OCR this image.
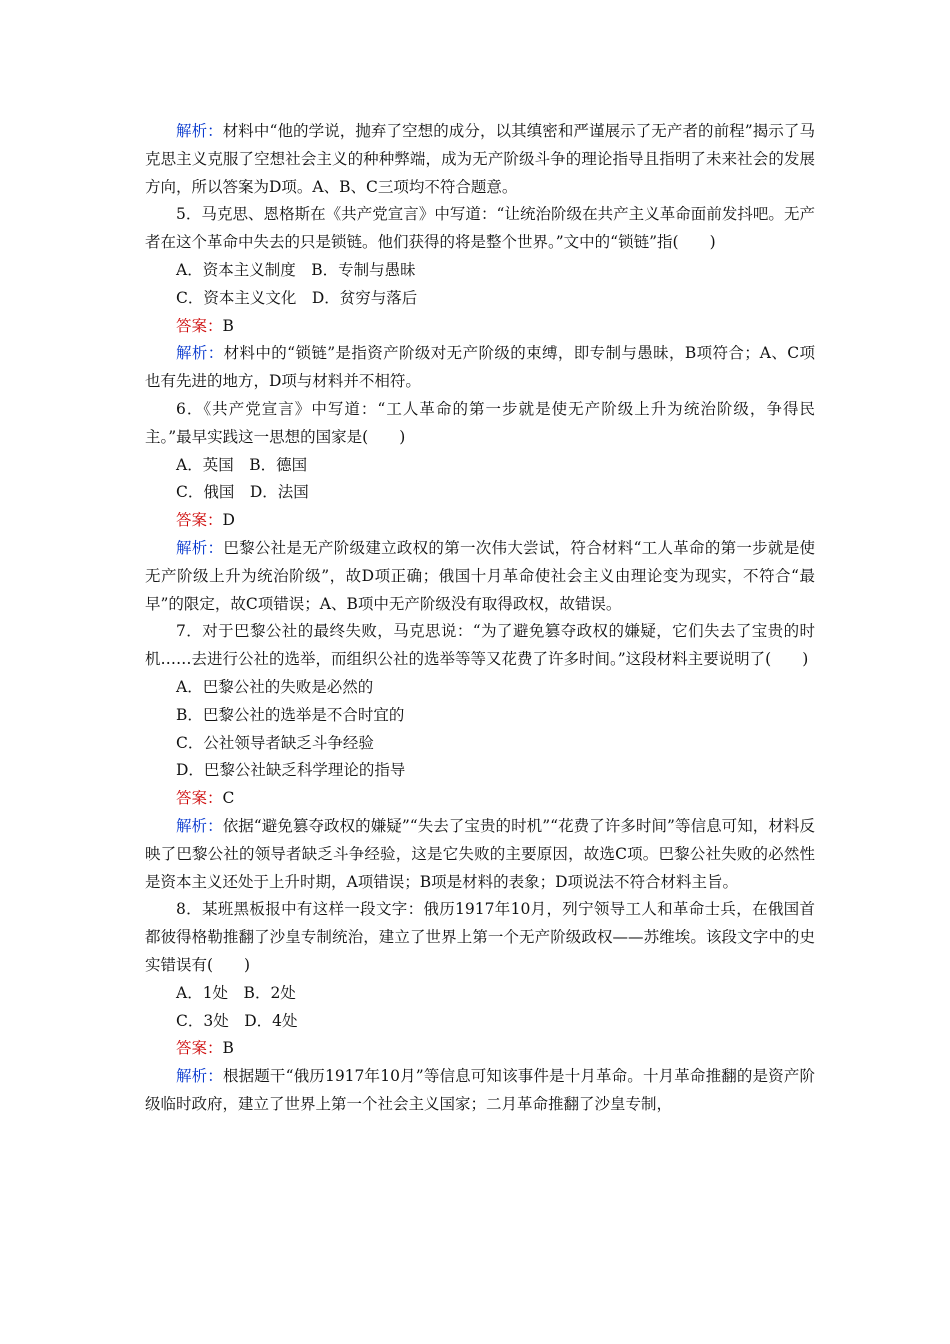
解析：材料中“他的学说，抛弃了空想的成分，以其缜密和严谨展示了无产者的前程”揭示了马克思主义克服了空想社会主义的种种弊端，成为无产阶级斗争的理论指导且指明了未来社会的发展方向，所以答案为D项。A、B、C三项均不符合题意。

5．马克思、恩格斯在《共产党宣言》中写道：“让统治阶级在共产主义革命面前发抖吧。无产者在这个革命中失去的只是锁链。他们获得的将是整个世界。”文中的“锁链”指(　　)

A．资本主义制度　B．专制与愚昧

C．资本主义文化　D．贫穷与落后

答案：B

解析：材料中的“锁链”是指资产阶级对无产阶级的束缚，即专制与愚昧，B项符合；A、C项也有先进的地方，D项与材料并不相符。

6．《共产党宣言》中写道：“工人革命的第一步就是使无产阶级上升为统治阶级，争得民主。”最早实践这一思想的国家是(　　)

A．英国　B．德国

C．俄国　D．法国

答案：D

解析：巴黎公社是无产阶级建立政权的第一次伟大尝试，符合材料“工人革命的第一步就是使无产阶级上升为统治阶级”，故D项正确；俄国十月革命使社会主义由理论变为现实，不符合“最早”的限定，故C项错误；A、B项中无产阶级没有取得政权，故错误。

7．对于巴黎公社的最终失败，马克思说：“为了避免篡夺政权的嫌疑，它们失去了宝贵的时机……去进行公社的选举，而组织公社的选举等等又花费了许多时间。”这段材料主要说明了(　　)

A．巴黎公社的失败是必然的

B．巴黎公社的选举是不合时宜的

C．公社领导者缺乏斗争经验

D．巴黎公社缺乏科学理论的指导

答案：C

解析：依据“避免篡夺政权的嫌疑”“失去了宝贵的时机”“花费了许多时间”等信息可知，材料反映了巴黎公社的领导者缺乏斗争经验，这是它失败的主要原因，故选C项。巴黎公社失败的必然性是资本主义还处于上升时期，A项错误；B项是材料的表象；D项说法不符合材料主旨。

8．某班黑板报中有这样一段文字：俄历1917年10月，列宁领导工人和革命士兵，在俄国首都彼得格勒推翻了沙皇专制统治，建立了世界上第一个无产阶级政权——苏维埃。该段文字中的史实错误有(　　)

A．1处　B．2处

C．3处　D．4处

答案：B

解析：根据题干“俄历1917年10月”等信息可知该事件是十月革命。十月革命推翻的是资产阶级临时政府，建立了世界上第一个社会主义国家；二月革命推翻了沙皇专制，
